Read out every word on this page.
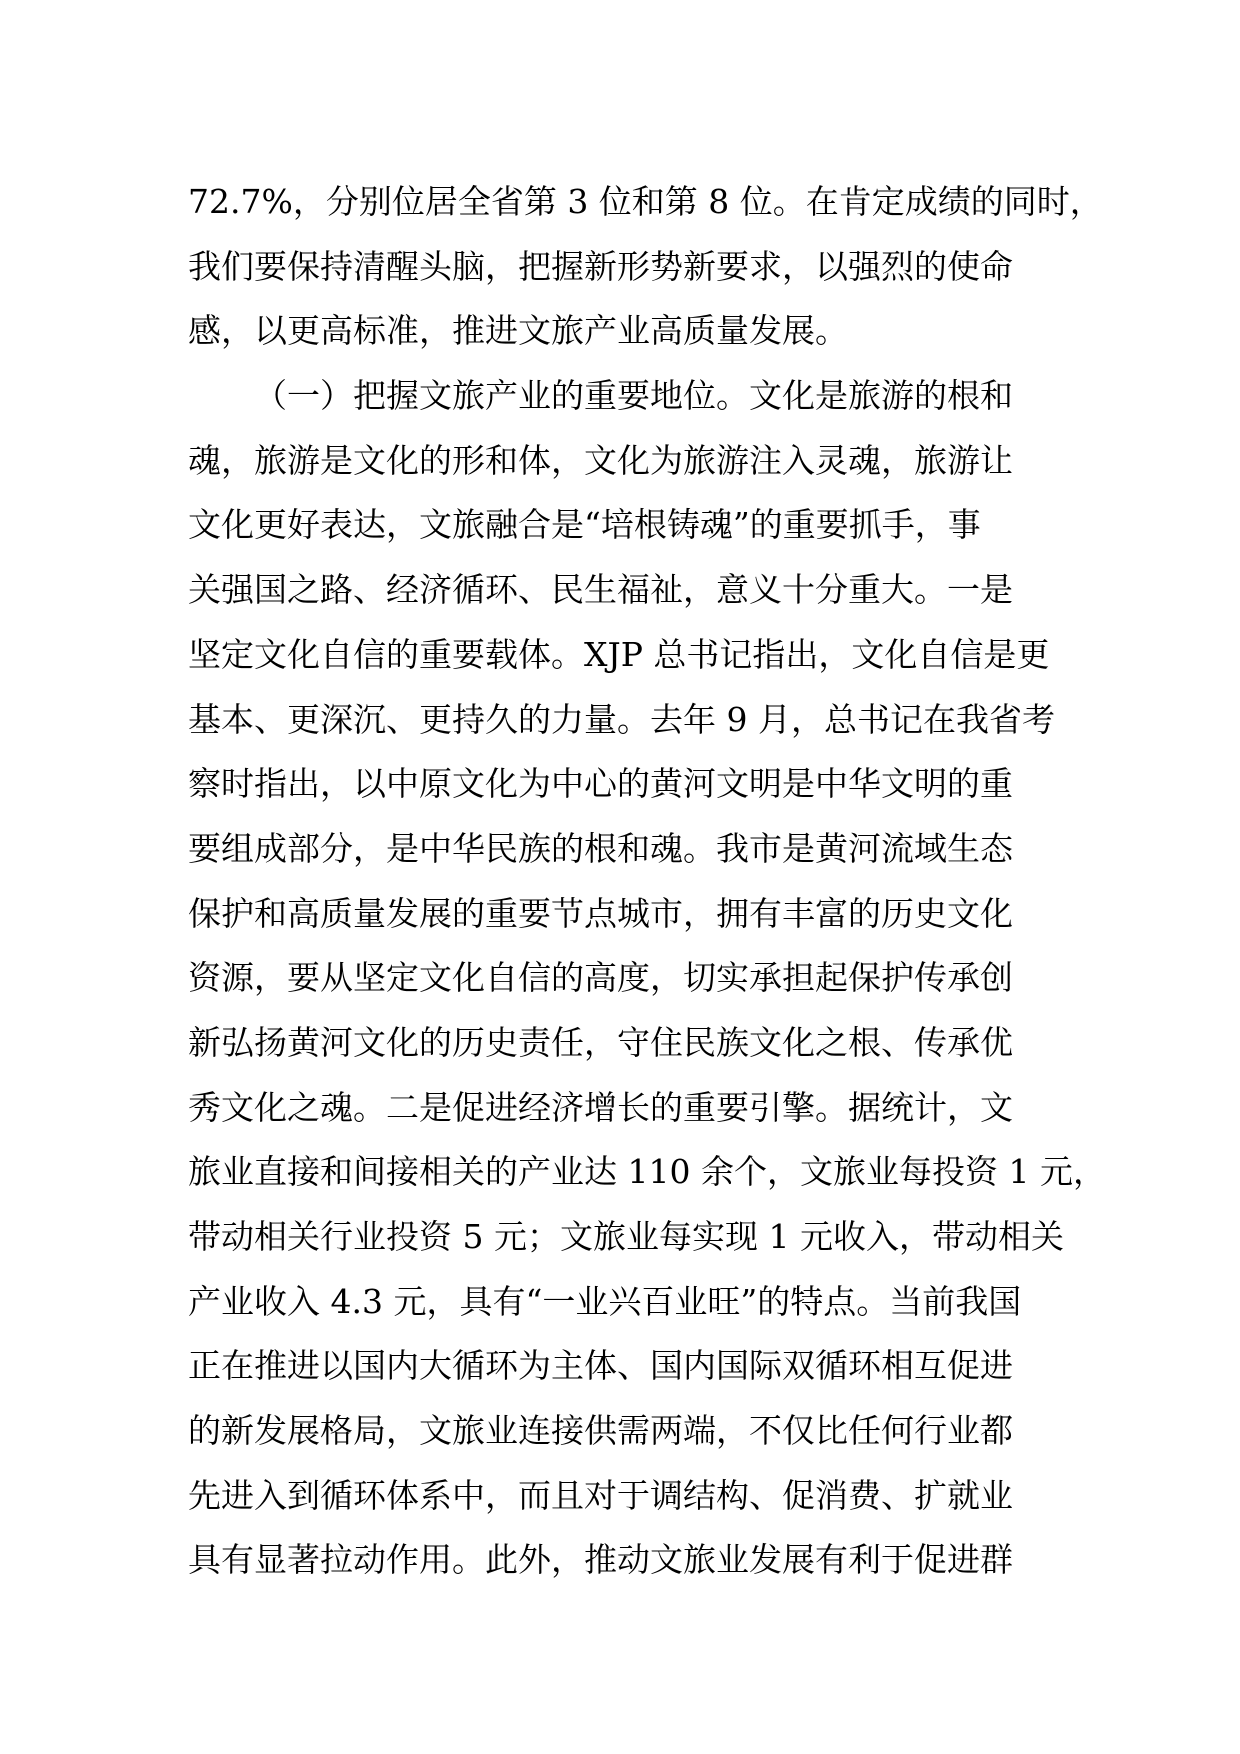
72.7%，分别位居全省第 3 位和第 8 位。在肯定成绩的同时，
我们要保持清醒头脑，把握新形势新要求，以强烈的使命
感，以更高标准，推进文旅产业高质量发展。
（一）把握文旅产业的重要地位。文化是旅游的根和
魂，旅游是文化的形和体，文化为旅游注入灵魂，旅游让
文化更好表达，文旅融合是“培根铸魂”的重要抓手，事
关强国之路、经济循环、民生福祉，意义十分重大。一是
坚定文化自信的重要载体。XJP 总书记指出，文化自信是更
基本、更深沉、更持久的力量。去年 9 月，总书记在我省考
察时指出，以中原文化为中心的黄河文明是中华文明的重
要组成部分，是中华民族的根和魂。我市是黄河流域生态
保护和高质量发展的重要节点城市，拥有丰富的历史文化
资源，要从坚定文化自信的高度，切实承担起保护传承创
新弘扬黄河文化的历史责任，守住民族文化之根、传承优
秀文化之魂。二是促进经济增长的重要引擎。据统计，文
旅业直接和间接相关的产业达 110 余个，文旅业每投资 1 元，
带动相关行业投资 5 元；文旅业每实现 1 元收入，带动相关
产业收入 4.3 元，具有“一业兴百业旺”的特点。当前我国
正在推进以国内大循环为主体、国内国际双循环相互促进
的新发展格局，文旅业连接供需两端，不仅比任何行业都
先进入到循环体系中，而且对于调结构、促消费、扩就业
具有显著拉动作用。此外，推动文旅业发展有利于促进群
